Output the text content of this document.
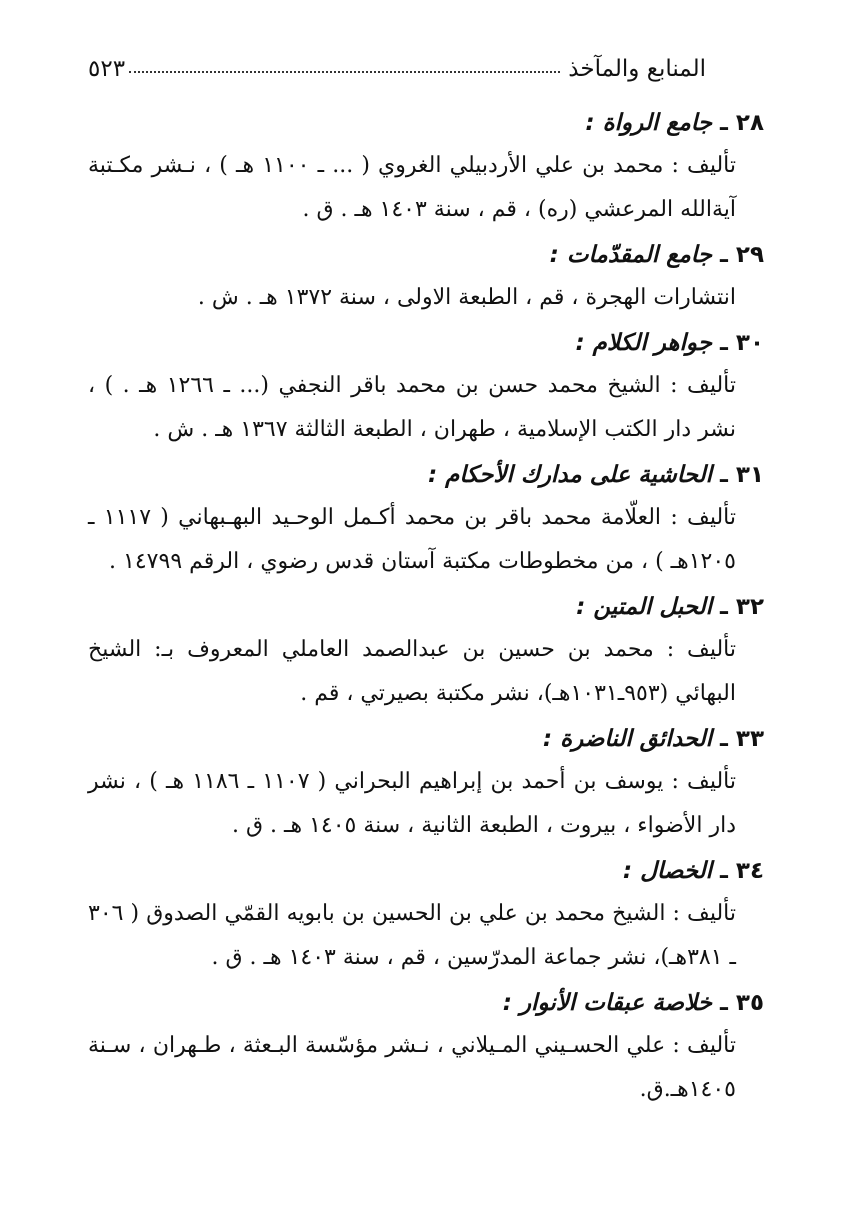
المنابع والمآخذ
٥٢٣
٢٨ ـ جامع الرواة :
تأليف : محمد بن علي الأردبيلي الغروي ( ... ـ ١١٠٠ هـ ) ، نـشر مكـتبة آيةالله المرعشي (ره) ، قم ، سنة ١٤٠٣ هـ . ق .
٢٩ ـ جامع المقدّمات :
انتشارات الهجرة ، قم ، الطبعة الاولى ، سنة ١٣٧٢ هـ . ش .
٣٠ ـ جواهر الكلام :
تأليف : الشيخ محمد حسن بن محمد باقر النجفي (... ـ ١٢٦٦ هـ . ) ، نشر دار الكتب الإسلامية ، طهران ، الطبعة الثالثة ١٣٦٧ هـ . ش .
٣١ ـ الحاشية على مدارك الأحكام :
تأليف : العلّامة محمد باقر بن محمد أكـمل الوحـيد البهـبهاني ( ١١١٧ ـ ١٢٠٥هـ ) ، من مخطوطات مكتبة آستان قدس رضوي ، الرقم ١٤٧٩٩ .
٣٢ ـ الحبل المتين :
تأليف : محمد بن حسين بن عبدالصمد العاملي المعروف بـ: الشيخ البهائي (٩٥٣ـ١٠٣١هـ)، نشر مكتبة بصيرتي ، قم .
٣٣ ـ الحدائق الناضرة :
تأليف : يوسف بن أحمد بن إبراهيم البحراني ( ١١٠٧ ـ ١١٨٦ هـ ) ، نشر دار الأضواء ، بيروت ، الطبعة الثانية ، سنة ١٤٠٥ هـ . ق .
٣٤ ـ الخصال :
تأليف : الشيخ محمد بن علي بن الحسين بن بابويه القمّي الصدوق ( ٣٠٦ ـ ٣٨١هـ)، نشر جماعة المدرّسين ، قم ، سنة ١٤٠٣ هـ . ق .
٣٥ ـ خلاصة عبقات الأنوار :
تأليف : علي الحسـيني المـيلاني ، نـشر مؤسّسة البـعثة ، طـهران ، سـنة ١٤٠٥هـ.ق.
